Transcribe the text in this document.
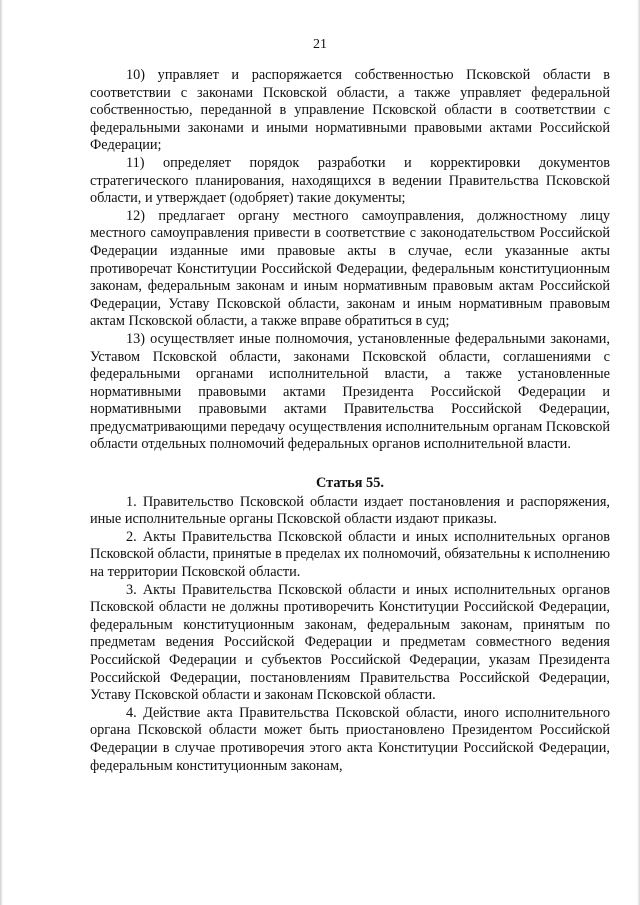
21

10) управляет и распоряжается собственностью Псковской области в соответствии с законами Псковской области, а также управляет федеральной собственностью, переданной в управление Псковской области в соответствии с федеральными законами и иными нормативными правовыми актами Российской Федерации;

11) определяет порядок разработки и корректировки документов стратегического планирования, находящихся в ведении Правительства Псковской области, и утверждает (одобряет) такие документы;

12) предлагает органу местного самоуправления, должностному лицу местного самоуправления привести в соответствие с законодательством Российской Федерации изданные ими правовые акты в случае, если указанные акты противоречат Конституции Российской Федерации, федеральным конституционным законам, федеральным законам и иным нормативным правовым актам Российской Федерации, Уставу Псковской области, законам и иным нормативным правовым актам Псковской области, а также вправе обратиться в суд;

13) осуществляет иные полномочия, установленные федеральными законами, Уставом Псковской области, законами Псковской области, соглашениями с федеральными органами исполнительной власти, а также установленные нормативными правовыми актами Президента Российской Федерации и нормативными правовыми актами Правительства Российской Федерации, предусматривающими передачу осуществления исполнительным органам Псковской области отдельных полномочий федеральных органов исполнительной власти.

Статья 55.

1. Правительство Псковской области издает постановления и распоряжения, иные исполнительные органы Псковской области издают приказы.

2. Акты Правительства Псковской области и иных исполнительных органов Псковской области, принятые в пределах их полномочий, обязательны к исполнению на территории Псковской области.

3. Акты Правительства Псковской области и иных исполнительных органов Псковской области не должны противоречить Конституции Российской Федерации, федеральным конституционным законам, федеральным законам, принятым по предметам ведения Российской Федерации и предметам совместного ведения Российской Федерации и субъектов Российской Федерации, указам Президента Российской Федерации, постановлениям Правительства Российской Федерации, Уставу Псковской области и законам Псковской области.

4. Действие акта Правительства Псковской области, иного исполнительного органа Псковской области может быть приостановлено Президентом Российской Федерации в случае противоречия этого акта Конституции Российской Федерации, федеральным конституционным законам,
